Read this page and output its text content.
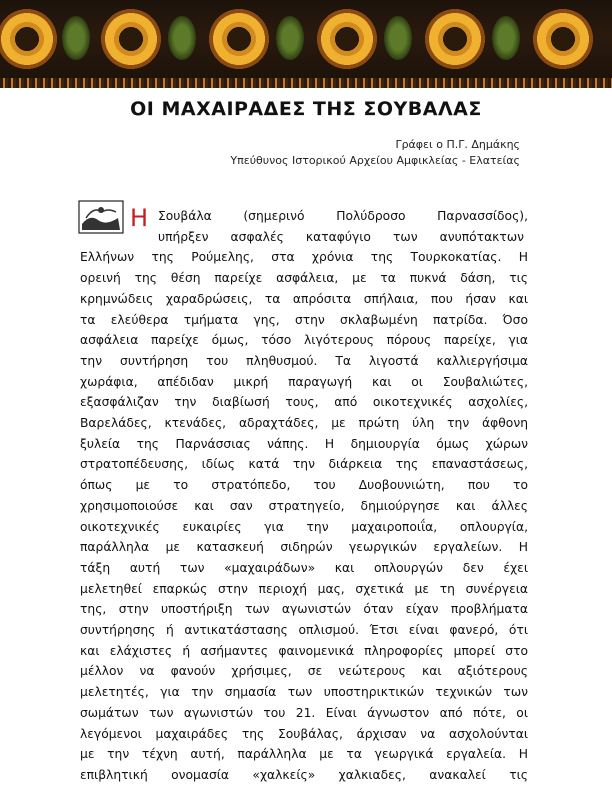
ΟΙ ΜΑΧΑΙΡΑΔΕΣ ΤΗΣ ΣΟΥΒΑΛΑΣ
Γράφει ο Π.Γ. Δημάκης
Υπεύθυνος Ιστορικού Αρχείου Αμφικλείας - Ελατείας
Η Σουβάλα (σημερινό Πολύδροσο Παρνασσίδος),
υπήρξεν ασφαλές καταφύγιο των ανυπότακτων
Ελλήνων της Ρούμελης, στα χρόνια της Τουρκοκατίας. Η
ορεινή της θέση παρείχε ασφάλεια, με τα πυκνά δάση, τις
κρημνώδεις χαραδρώσεις, τα απρόσιτα σπήλαια, που ήσαν και
τα ελεύθερα τμήματα γης, στην σκλαβωμένη πατρίδα. Όσο
ασφάλεια παρείχε όμως, τόσο λιγότερους πόρους παρείχε, για
την συντήρηση του πληθυσμού. Τα λιγοστά καλλιεργήσιμα
χωράφια, απέδιδαν μικρή παραγωγή και οι Σουβαλιώτες,
εξασφάλιζαν την διαβίωσή τους, από οικοτεχνικές ασχολίες,
Βαρελάδες, κτενάδες, αδραχτάδες, με πρώτη ύλη την άφθονη
ξυλεία της Παρνάσσιας νάπης. Η δημιουργία όμως χώρων
στρατοπέδευσης, ιδίως κατά την διάρκεια της επαναστάσεως,
όπως με το στρατόπεδο, του Δυοβουνιώτη, που το
χρησιμοποιούσε και σαν στρατηγείο, δημιούργησε και άλλες
οικοτεχνικές ευκαιρίες για την μαχαιροποιΐα, οπλουργία,
παράλληλα με κατασκευή σιδηρών γεωργικών εργαλείων. Η
τάξη αυτή των «μαχαιράδων» και οπλουργών δεν έχει
μελετηθεί επαρκώς στην περιοχή μας, σχετικά με τη συνέργεια
της, στην υποστήριξη των αγωνιστών όταν είχαν προβλήματα
συντήρησης ή αντικατάστασης οπλισμού. Έτσι είναι φανερό, ότι
και ελάχιστες ή ασήμαντες φαινομενικά πληροφορίες μπορεί στο
μέλλον να φανούν χρήσιμες, σε νεώτερους και αξιότερους
μελετητές, για την σημασία των υποστηρικτικών τεχνικών των
σωμάτων των αγωνιστών του 21. Είναι άγνωστον από πότε, οι
λεγόμενοι μαχαιράδες της Σουβάλας, άρχισαν να ασχολούνται
με την τέχνη αυτή, παράλληλα με τα γεωργικά εργαλεία. Η
επιβλητική ονομασία «χαλκείς» χαλκιαδες, ανακαλεί τις
